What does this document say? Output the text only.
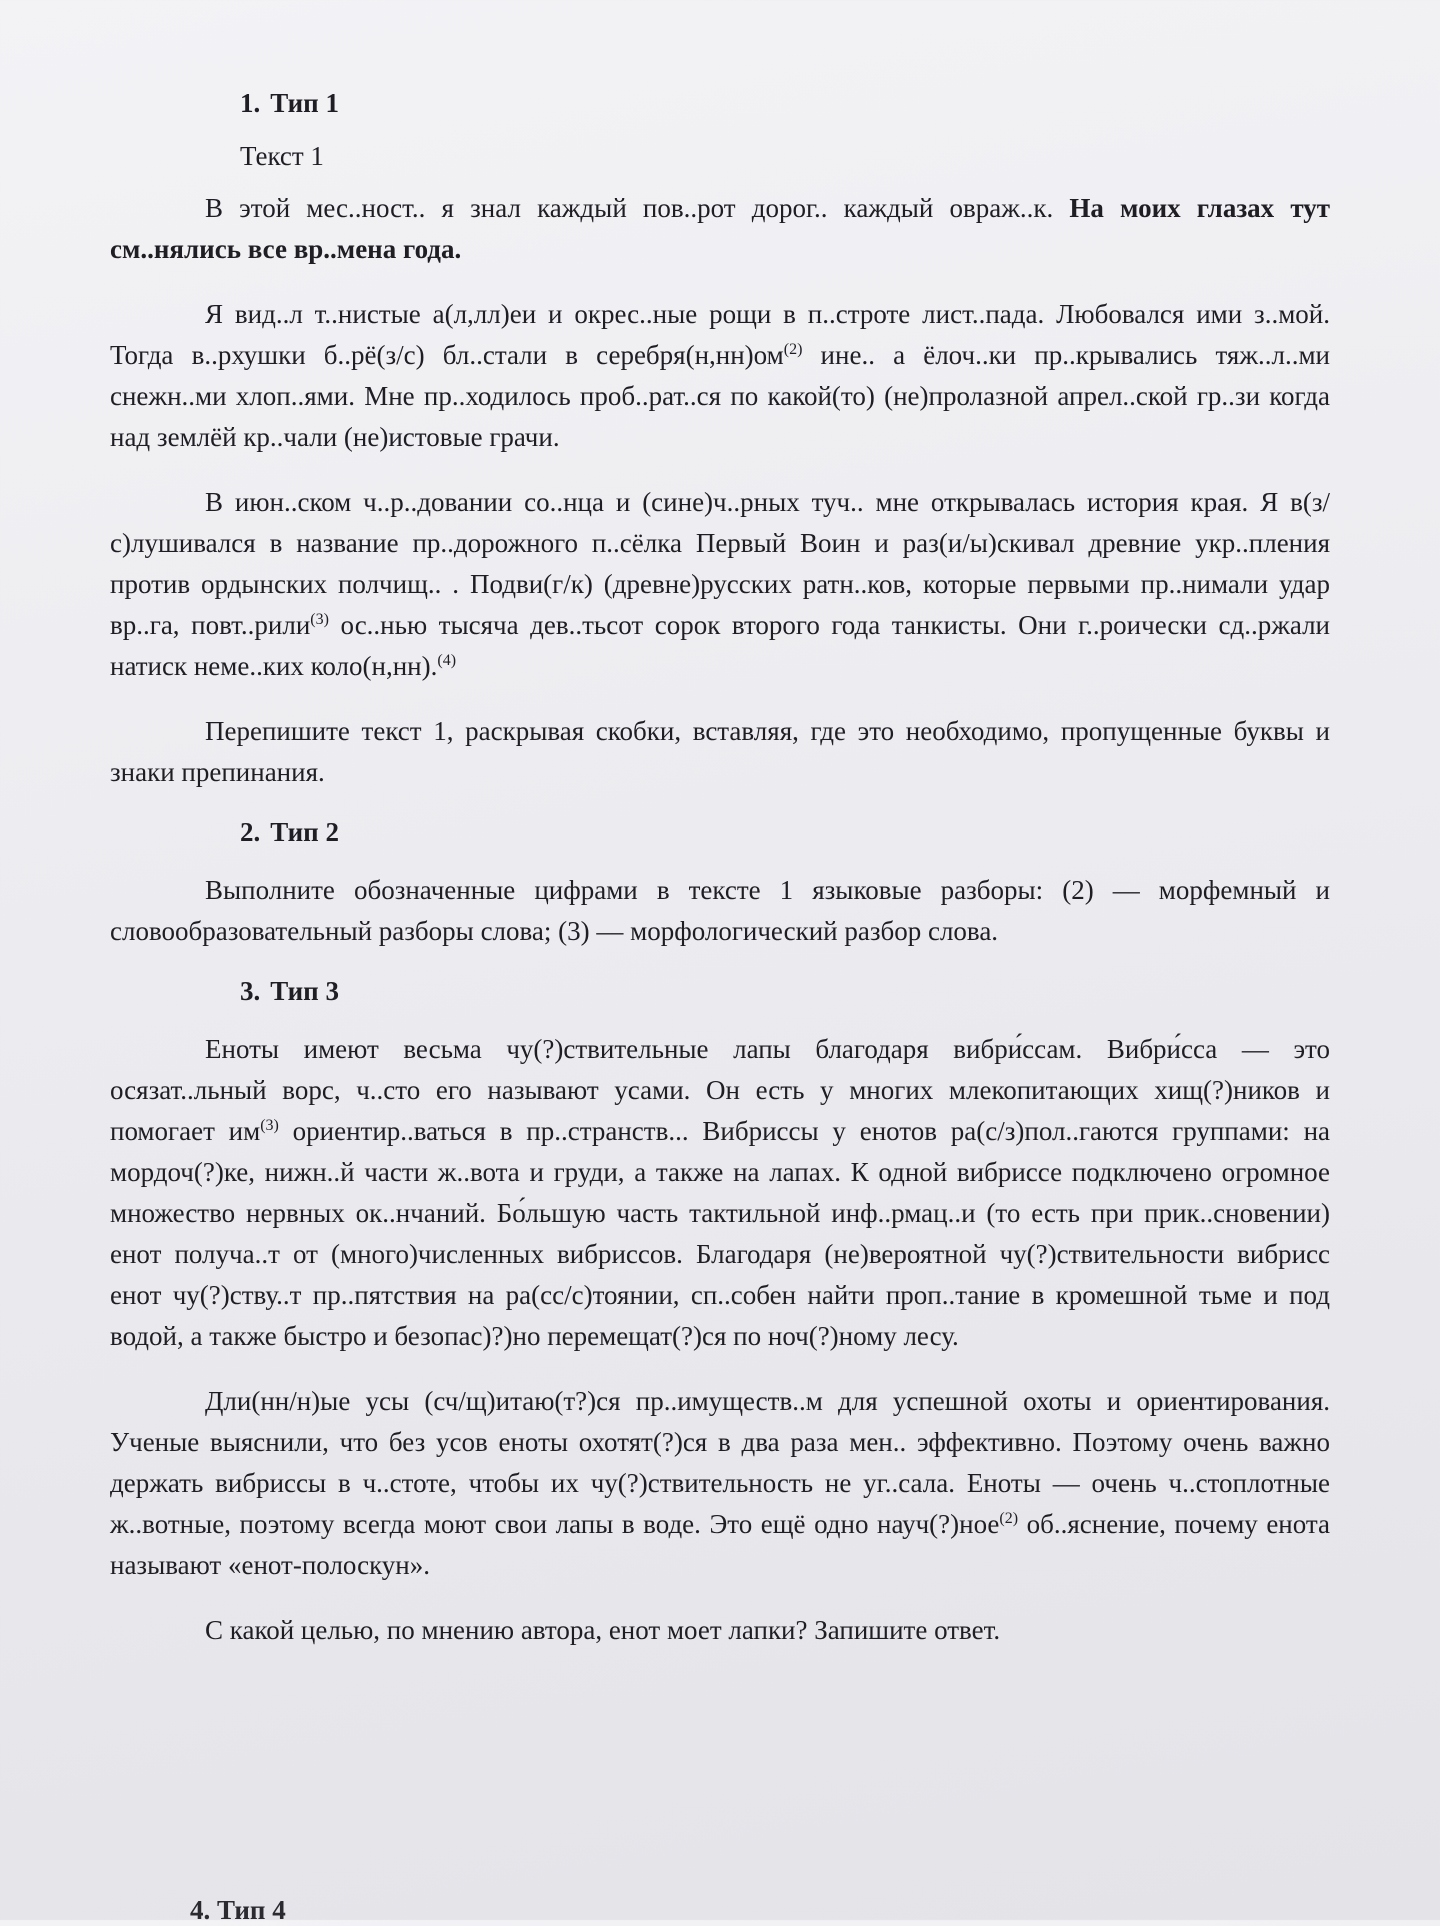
1. Тип 1
Текст 1

В этой мес..ност.. я знал каждый пов..рот дорог.. каждый овраж..к. На моих глазах тут см..нялись все вр..мена года.

Я вид..л т..нистые а(л,лл)еи и окрес..ные рощи в п..строте лист..пада. Любовался ими з..мой. Тогда в..рхушки б..рё(з/с) бл..стали в $серебря(н,нн)ом^{(2)}$ ине.. а ёлоч..ки пр..крывались тяж..л..ми снежн..ми хлоп..ями. Мне пр..ходилось проб..рат..ся по какой(то) (не)пролазной апрел..ской гр..зи когда над землёй кр..чали (не)истовые грачи.

В июн..ском ч..р..довании со..нца и (сине)ч..рных туч.. мне открывалась история края. Я в(з/с)лушивался в название пр..дорожного п..сёлка Первый Воин и раз(и/ы)скивал древние укр..пления против ордынских полчищ.. . Подви(г/к) (древне)русских ратн..ков, которые первыми пр..нимали удар вр..га, повт..рили$^{(3)}$ ос..нью тысяча дев..тьсот сорок второго года танкисты. Они г..роически сд..ржали натиск неме..ких коло(н,нн).$^{(4)}$

Перепишите текст 1, раскрывая скобки, вставляя, где это необходимо, пропущенные буквы и знаки препинания.

2. Тип 2

Выполните обозначенные цифрами в тексте 1 языковые разборы: (2) — морфемный и словообразовательный разборы слова; (3) — морфологический разбор слова.

3. Тип 3

Еноты имеют весьма чу(?)ствительные лапы благодаря вибри́ссам. Вибри́сса — это осязат..льный ворс, ч..сто его называют усами. Он есть у многих млекопитающих хищ(?)ников и помогает $им^{(3)}$ ориентир..ваться в пр..странств... Вибриссы у енотов ра(с/з)пол..гаются группами: на мордоч(?)ке, нижн..й части ж..вота и груди, а также на лапах. К одной вибриссе подключено огромное множество нервных ок..нчаний. Бо́льшую часть тактильной инф..рмац..и (то есть при прик..сновении) енот получа..т от (много)численных вибриссов. Благодаря (не)вероятной чу(?)ствительности вибрисс енот чу(?)ству..т пр..пятствия на ра(сс/с)тоянии, сп..собен найти проп..тание в кромешной тьме и под водой, а также быстро и безопас)?)но перемещат(?)ся по ноч(?)ному лесу.

Дли(нн/н)ые усы (сч/щ)итаю(т?)ся пр..имуществ..м для успешной охоты и ориентирования. Ученые выяснили, что без усов еноты охотят(?)ся в два раза мен.. эффективно. Поэтому очень важно держать вибриссы в ч..стоте, чтобы их чу(?)ствительность не уг..сала. Еноты — очень ч..стоплотные ж..вотные, поэтому всегда моют свои лапы в воде. Это ещё одно науч(?)ное$^{(2)}$ об..яснение, почему енота называют «енот-полоскун».

С какой целью, по мнению автора, енот моет лапки? Запишите ответ.

4. Тип 4
